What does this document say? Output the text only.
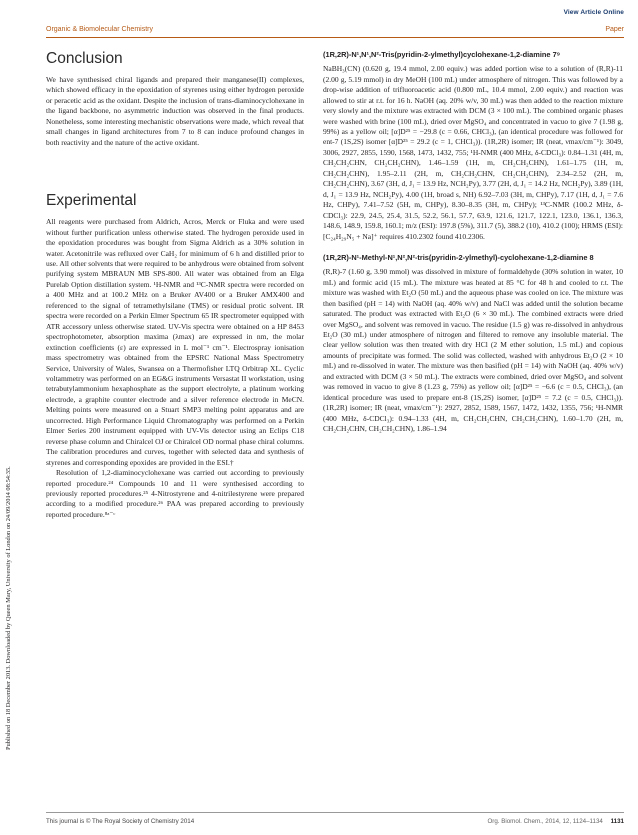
View Article Online
Organic & Biomolecular Chemistry	Paper
Published on 18 December 2013. Downloaded by Queen Mary, University of London on 24/09/2014 08:54:35.
Conclusion

We have synthesised chiral ligands and prepared their manganese(II) complexes, which showed efficacy in the epoxidation of styrenes using either hydrogen peroxide or peracetic acid as the oxidant. Despite the inclusion of trans-diaminocyclohexane in the ligand backbone, no asymmetric induction was observed in the final products. Nonetheless, some interesting mechanistic observations were made, which reveal that small changes in ligand architectures from 7 to 8 can induce profound changes in both reactivity and the nature of the active oxidant.

Experimental

All reagents were purchased from Aldrich, Acros, Merck or Fluka and were used without further purification unless otherwise stated. The hydrogen peroxide used in the epoxidation procedures was bought from Sigma Aldrich as a 30% solution in water. Acetonitrile was refluxed over CaH₂ for minimum of 6 h and distilled prior to use. All other solvents that were required to be anhydrous were obtained from solvent purifying system MBRAUN MB SPS-800. All water was obtained from an Elga Purelab Option distillation system. ¹H-NMR and ¹³C-NMR spectra were recorded on a 400 MHz and at 100.2 MHz on a Bruker AV400 or a Bruker AMX400 and referenced to the signal of tetramethylsilane (TMS) or residual protic solvent. IR spectra were recorded on a Perkin Elmer Spectrum 65 IR spectrometer equipped with ATR accessory unless otherwise stated. UV-Vis spectra were obtained on a HP 8453 spectrophotometer, absorption maxima (λmax) are expressed in nm, the molar extinction coefficients (ε) are expressed in L mol⁻¹ cm⁻¹. Electrospray ionisation mass spectrometry was obtained from the EPSRC National Mass Spectrometry Service, University of Wales, Swansea on a Thermofisher LTQ Orbitrap XL. Cyclic voltammetry was performed on an EG&G instruments Versastat II workstation, using tetrabutylammonium hexaphosphate as the support electrolyte, a platinum working electrode, a graphite counter electrode and a silver reference electrode in MeCN. Melting points were measured on a Stuart SMP3 melting point apparatus and are uncorrected. High Performance Liquid Chromatography was performed on a Perkin Elmer Series 200 instrument equipped with UV-Vis detector using an Eclips C18 reverse phase column and Chiralcel OJ or Chiralcel OD normal phase chiral columns. The calibration procedures and curves, together with selected data and synthesis of styrenes and corresponding epoxides are provided in the ESI.†

Resolution of 1,2-diaminocyclohexane was carried out according to previously reported procedure.²⁴ Compounds 10 and 11 were synthesised according to previously reported procedures.²⁵ 4-Nitrostyrene and 4-nitrilestyrene were prepared according to a modified procedure.²⁶ PAA was prepared according to previously reported procedure.⁸ᵃ⁻ᶜ

(1R,2R)-N¹,N¹,N²-Tris(pyridin-2-ylmethyl)cyclohexane-1,2-diamine 7⁹

NaBH₃(CN) (0.620 g, 19.4 mmol, 2.00 equiv.) was added portion wise to a solution of (R,R)-11 (2.00 g, 5.19 mmol) in dry MeOH (100 mL) under atmosphere of nitrogen. This was followed by a drop-wise addition of trifluoroacetic acid (0.800 mL, 10.4 mmol, 2.00 equiv.) and reaction was allowed to stir at r.t. for 16 h. NaOH (aq. 20% w/v, 30 mL) was then added to the reaction mixture very slowly and the mixture was extracted with DCM (3 × 100 mL). The combined organic phases were washed with brine (100 mL), dried over MgSO₄ and concentrated in vacuo to give 7 (1.98 g, 99%) as a yellow oil; [α]D²⁵ = −29.8 (c = 0.66, CHCl₃), (an identical procedure was followed for ent-7 (1S,2S) isomer [α]D²⁵ = 29.2 (c = 1, CHCl₃)). (1R,2R) isomer; IR (neat, νmax/cm⁻¹): 3049, 3006, 2927, 2855, 1590, 1568, 1473, 1432, 755; ¹H-NMR (400 MHz, δ-CDCl₃): 0.84–1.31 (4H, m, CH₂CH₂CHN, CH₂CH₂CHN), 1.46–1.59 (1H, m, CH₂CH₂CHN), 1.61–1.75 (1H, m, CH₂CH₂CHN), 1.95–2.11 (2H, m, CH₂CH₂CHN, CH₂CH₂CHN), 2.34–2.52 (2H, m, CH₂CH₂CHN), 3.67 (3H, d, J₁ = 13.9 Hz, NCH₂Py), 3.77 (2H, d, J₁ = 14.2 Hz, NCH₂Py), 3.89 (1H, d, J₁ = 13.9 Hz, NCH₂Py), 4.00 (1H, broad s, NH) 6.92–7.03 (3H, m, CHPy), 7.17 (1H, d, J₁ = 7.6 Hz, CHPy), 7.41–7.52 (5H, m, CHPy), 8.30–8.35 (3H, m, CHPy); ¹³C-NMR (100.2 MHz, δ-CDCl₃): 22.9, 24.5, 25.4, 31.5, 52.2, 56.1, 57.7, 63.9, 121.6, 121.7, 122.1, 123.0, 136.1, 136.3, 148.6, 148.9, 159.8, 160.1; m/z (ESI): 197.8 (5%), 311.7 (5), 388.2 (10), 410.2 (100); HRMS (ESI): [C₂₄H₂₉N₅ + Na]⁺ requires 410.2302 found 410.2306.

(1R,2R)-N¹-Methyl-N¹,N²,N²-tris(pyridin-2-ylmethyl)-cyclohexane-1,2-diamine 8

(R,R)-7 (1.60 g, 3.90 mmol) was dissolved in mixture of formaldehyde (30% solution in water, 10 mL) and formic acid (15 mL). The mixture was heated at 85 °C for 48 h and cooled to r.t. The mixture was washed with Et₂O (50 mL) and the aqueous phase was cooled on ice. The mixture was then basified (pH = 14) with NaOH (aq. 40% w/v) and NaCl was added until the solution became saturated. The product was extracted with Et₂O (6 × 30 mL). The combined extracts were dried over MgSO₄, and solvent was removed in vacuo. The residue (1.5 g) was re-dissolved in anhydrous Et₂O (30 mL) under atmosphere of nitrogen and filtered to remove any insoluble material. The clear yellow solution was then treated with dry HCl (2 M ether solution, 1.5 mL) and copious amounts of precipitate was formed. The solid was collected, washed with anhydrous Et₂O (2 × 10 mL) and re-dissolved in water. The mixture was then basified (pH = 14) with NaOH (aq. 40% w/v) and extracted with DCM (3 × 50 mL). The extracts were combined, dried over MgSO₄ and solvent was removed in vacuo to give 8 (1.23 g, 75%) as yellow oil; [α]D²⁵ = −6.6 (c = 0.5, CHCl₃), (an identical procedure was used to prepare ent-8 (1S,2S) isomer, [α]D²⁵ = 7.2 (c = 0.5, CHCl₃)). (1R,2R) isomer; IR (neat, νmax/cm⁻¹): 2927, 2852, 1589, 1567, 1472, 1432, 1355, 756; ¹H-NMR (400 MHz, δ-CDCl₃): 0.94–1.33 (4H, m, CH₂CH₂CHN, CH₂CH₂CHN), 1.60–1.70 (2H, m, CH₂CH₂CHN, CH₂CH₂CHN), 1.86–1.94

This journal is © The Royal Society of Chemistry 2014	Org. Biomol. Chem., 2014, 12, 1124–1134 1131
